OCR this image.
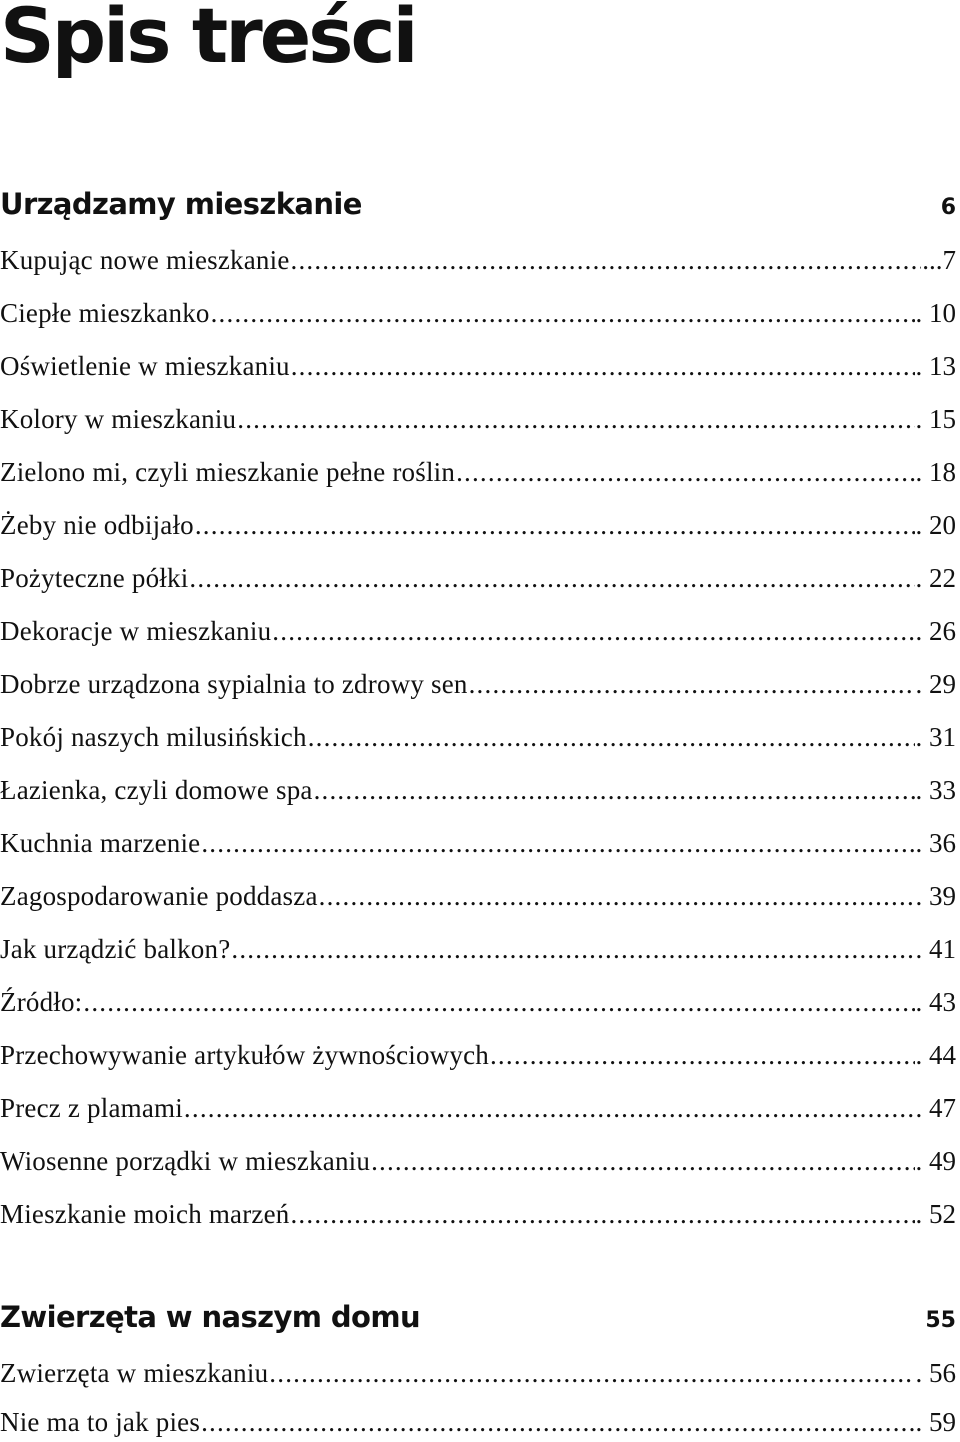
Spis treści
Urządzamy mieszkanie	6
Kupując nowe mieszkanie .....	...7
Ciepłe mieszkanko .....	. 10
Oświetlenie w mieszkaniu .....	. 13
Kolory w mieszkaniu .....	. 15
Zielono mi, czyli mieszkanie pełne roślin .....	. 18
Żeby nie odbijało .....	. 20
Pożyteczne półki .....	. 22
Dekoracje w mieszkaniu .....	. 26
Dobrze urządzona sypialnia to zdrowy sen .....	. 29
Pokój naszych milusińskich .....	. 31
Łazienka, czyli domowe spa .....	. 33
Kuchnia marzenie .....	. 36
Zagospodarowanie poddasza .....	. 39
Jak urządzić balkon? .....	. 41
Źródło: .....	. 43
Przechowywanie artykułów żywnościowych .....	. 44
Precz z plamami .....	. 47
Wiosenne porządki w mieszkaniu .....	. 49
Mieszkanie moich marzeń .....	. 52
Zwierzęta w naszym domu	55
Zwierzęta w mieszkaniu .....	. 56
Nie ma to jak pies .....	. 59
